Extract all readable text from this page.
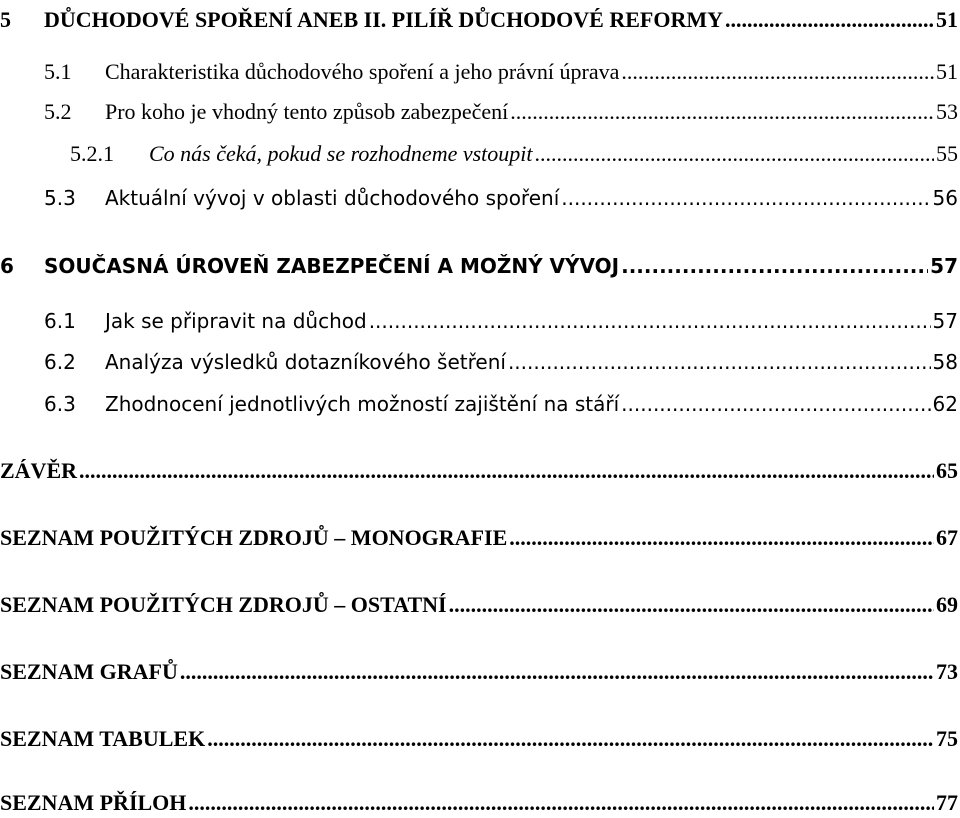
5	DŮCHODOVÉ SPOŘENÍ ANEB II. PILÍŘ DŮCHODOVÉ REFORMY .....	51
5.1	Charakteristika důchodového spoření a jeho právní úprava .....	51
5.2	Pro koho je vhodný tento způsob zabezpečení .....	53
5.2.1	Co nás čeká, pokud se rozhodneme vstoupit .....	55
5.3	Aktuální vývoj v oblasti důchodového spoření .....	56
6	SOUČASNÁ ÚROVEŇ ZABEZPEČENÍ A MOŽNÝ VÝVOJ .....	57
6.1	Jak se připravit na důchod .....	57
6.2	Analýza výsledků dotazníkového šetření .....	58
6.3	Zhodnocení jednotlivých možností zajištění na stáří .....	62
ZÁVĚR .....	65
SEZNAM POUŽITÝCH ZDROJŮ – MONOGRAFIE .....	67
SEZNAM POUŽITÝCH ZDROJŮ – OSTATNÍ .....	69
SEZNAM GRAFŮ .....	73
SEZNAM TABULEK .....	75
SEZNAM PŘÍLOH .....	77
